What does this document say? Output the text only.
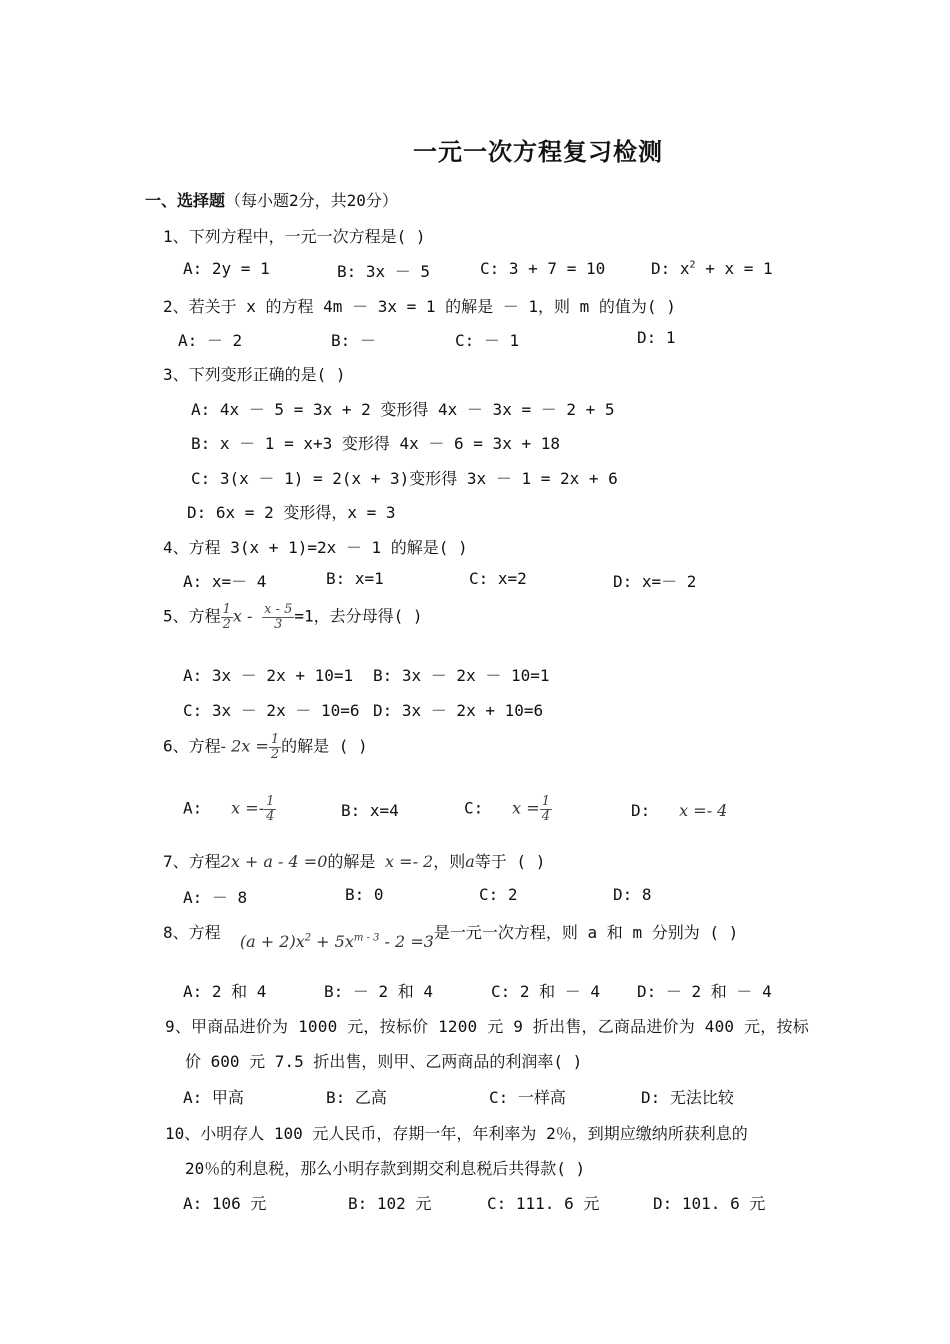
一元一次方程复习检测
一、选择题（每小题2分，共20分）
1、下列方程中，一元一次方程是( )
A: 2y = 1	B: 3x － 5	C: 3 + 7 = 10	D: $x^2 + x = 1$
2、若关于 x 的方程 4m － 3x = 1 的解是 － 1，则 m 的值为( )
A: － 2	B: －	C: － 1	D: 1
3、下列变形正确的是( )
A: 4x － 5 = 3x + 2 变形得 4x － 3x = － 2 + 5
B: x － 1 = x+3 变形得 4x － 6 = 3x + 18
C: 3(x － 1) = 2(x + 3)变形得 3x － 1 = 2x + 6
D: 6x = 2 变形得，x = 3
4、方程 3(x + 1)=2x － 1 的解是( )
A: x=－ 4	B: x=1	C: x=2	D: x=－ 2
5、方程 $\frac{1}{2}$ $x - \frac{x - 5}{3} =1$，去分母得( )
A: 3x － 2x + 10=1 B: 3x － 2x － 10=1
C: 3x － 2x － 10=6 D: 3x － 2x + 10=6
6、方程- $2x = \frac{1}{2}$ 的解是 ( )
A: $x =- \frac{1}{4}$	B: x=4	C: $x = \frac{1}{4}$	D: x =- 4
7、方程2x + a - 4 =0的解是 x =- 2，则a等于 ( )
A: － 8	B: 0	C: 2	D: 8
8、方程 $(a + 2)x^2 + 5x^{m - 3} - 2 =3$是一元一次方程，则 a 和 m 分别为 ( )
A: 2 和 4	B: － 2 和 4	C: 2 和 － 4 D: － 2 和 － 4
9、甲商品进价为 1000 元，按标价 1200 元 9 折出售，乙商品进价为 400 元，按标
价 600 元 7.5 折出售，则甲、乙两商品的利润率( )
A: 甲高	B: 乙高	C: 一样高	D: 无法比较
10、小明存人 100 元人民币，存期一年，年利率为 2％，到期应缴纳所获利息的
20％的利息税，那么小明存款到期交利息税后共得款( )
A: 106 元	B: 102 元	C: 111. 6 元	D: 101. 6 元
